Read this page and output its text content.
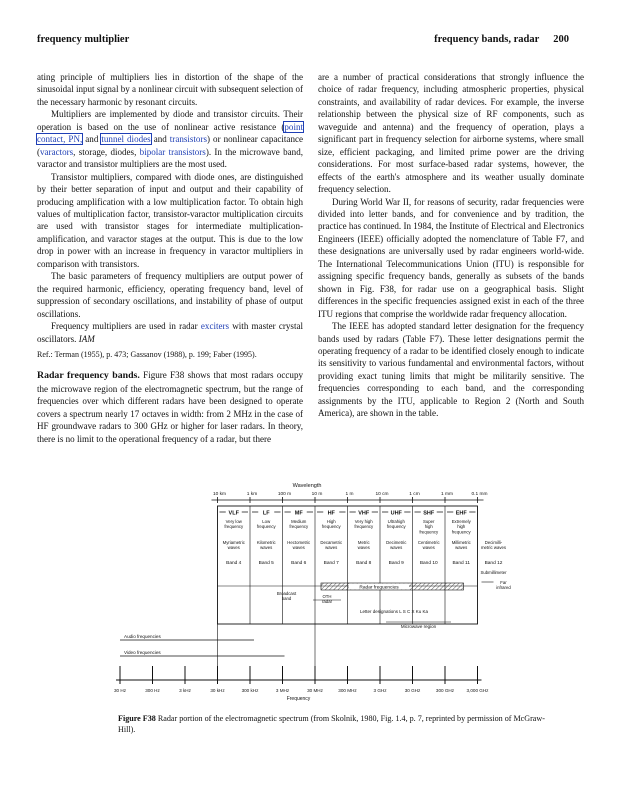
frequency multiplier	frequency bands, radar 200

ating principle of multipliers lies in distortion of the shape of the sinusoidal input signal by a nonlinear circuit with subsequent selection of the necessary harmonic by resonant circuits.

Multipliers are implemented by diode and transistor circuits. Their operation is based on the use of nonlinear active resistance (point contact, PN, and tunnel diodes and transistors) or nonlinear capacitance (varactors, storage, diodes, bipolar transistors). In the microwave band, varactor and transistor multipliers are the most used.

Transistor multipliers, compared with diode ones, are distinguished by their better separation of input and output and their capability of producing amplification with a low multiplication factor. To obtain high values of multiplication factor, transistor-varactor multiplication circuits are used with transistor stages for intermediate multiplication-amplification, and varactor stages at the output. This is due to the low drop in power with an increase in frequency in varactor multipliers in comparison with transistors.

The basic parameters of frequency multipliers are output power of the required harmonic, efficiency, operating frequency band, level of suppression of secondary oscillations, and instability of phase of output oscillations.

Frequency multipliers are used in radar exciters with master crystal oscillators. IAM

Ref.: Terman (1955), p. 473; Gassanov (1988), p. 199; Faber (1995).

Radar frequency bands. Figure F38 shows that most radars occupy the microwave region of the electromagnetic spectrum, but the range of frequencies over which different radars have been designed to operate covers a spectrum nearly 17 octaves in width: from 2 MHz in the case of HF groundwave radars to 300 GHz or higher for laser radars. In theory, there is no limit to the operational frequency of a radar, but there

are a number of practical considerations that strongly influence the choice of radar frequency, including atmospheric properties, physical constraints, and availability of radar devices. For example, the inverse relationship between the physical size of RF components, such as waveguide and antenna) and the frequency of operation, plays a significant part in frequency selection for airborne systems, where small size, efficient packaging, and limited prime power are the driving considerations. For most surface-based radar systems, however, the effects of the earth's atmosphere and its weather usually dominate frequency selection.

During World War II, for reasons of security, radar frequencies were divided into letter bands, and for convenience and by tradition, the practice has continued. In 1984, the Institute of Electrical and Electronics Engineers (IEEE) officially adopted the nomenclature of Table F7, and these designations are universally used by radar engineers world-wide. The International Telecommunications Union (ITU) is responsible for assigning specific frequency bands, generally as subsets of the bands shown in Fig. F38, for radar use on a geographical basis. Slight differences in the specific frequencies assigned exist in each of the three ITU regions that comprise the worldwide radar frequency allocation.

The IEEE has adopted standard letter designation for the frequency bands used by radars (Table F7). These letter designations permit the operating frequency of a radar to be identified closely enough to indicate its sensitivity to various fundamental and environmental factors, without providing exact tuning limits that might be militarily sensitive. The frequencies corresponding to each band, and the corresponding assignments by the ITU, applicable to Region 2 (North and South America), are shown in the table.

Wavelength
10 km	1 km	100 m	10 m	1 m	10 cm	1 cm	1 mm	0.1 mm
VLF	LF	MF	HF	VHF	UHF	SHF	EHF
Very low
frequency
Low
frequency
Medium
frequency
High
frequency
Very high
frequency
Ultrahigh
frequency
Super
high
frequency
Extremely
high
frequency
Myriametric
waves
Kilometric
waves
Hectometric
waves
Decametric
waves
Metric
waves
Decimetric
waves
Centimetric
waves
Millimetric
waves
Decimilli-
metric waves
Band 4	Band 5	Band 6	Band 7	Band 8	Band 9	Band 10	Band 11	Band 12
Submillimeter
Far
infrared
Radar frequencies
Broadcast
band	OTH
radar
Letter designations L S C X Ku Ka
Microwave region
Audio frequencies
Video frequencies
30 Hz	300 Hz	3 kHz	30 kHz	300 kHz	3 MHz	30 MHz	300 MHz	3 GHz	30 GHz	300 GHz	3,000 GHz
Frequency
Figure F38 Radar portion of the electromagnetic spectrum (from Skolnik, 1980, Fig. 1.4, p. 7, reprinted by permission of McGraw-Hill).
